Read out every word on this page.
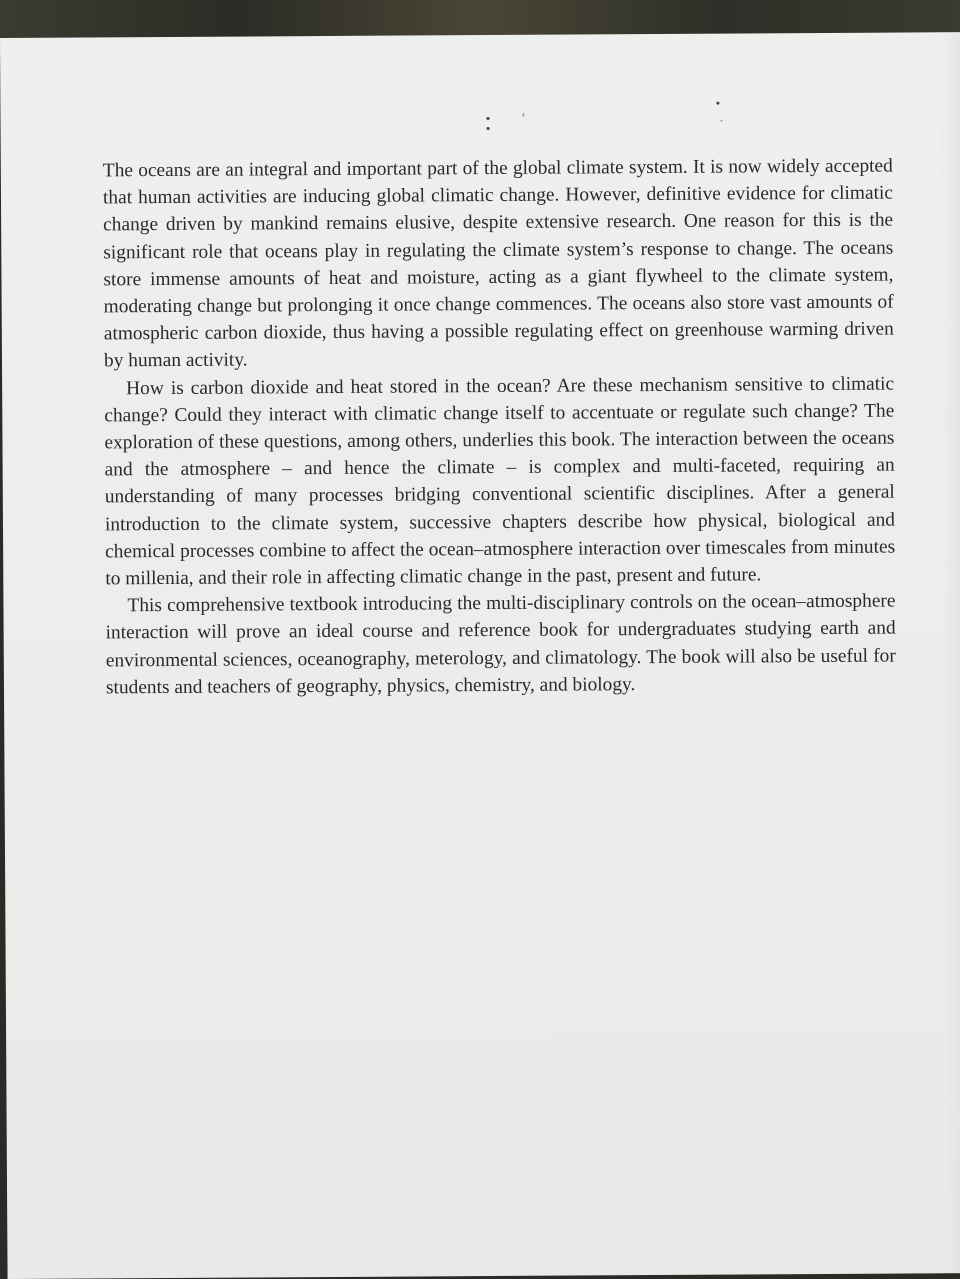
The oceans are an integral and important part of the global climate system. It is now widely accepted that human activities are inducing global climatic change. However, definitive evidence for climatic change driven by mankind remains elusive, despite extensive research. One reason for this is the significant role that oceans play in regulating the climate system’s response to change. The oceans store immense amounts of heat and moisture, acting as a giant flywheel to the climate system, moderating change but prolonging it once change commences. The oceans also store vast amounts of atmospheric carbon dioxide, thus having a possible regulating effect on greenhouse warming driven by human activity.

How is carbon dioxide and heat stored in the ocean? Are these mechanism sensitive to climatic change? Could they interact with climatic change itself to accentuate or regulate such change? The exploration of these questions, among others, underlies this book. The interaction between the oceans and the atmosphere – and hence the climate – is complex and multi-faceted, requiring an understanding of many processes bridging conventional scientific disciplines. After a general introduction to the climate system, successive chapters describe how physical, biological and chemical processes combine to affect the ocean–atmosphere interaction over timescales from minutes to millenia, and their role in affecting climatic change in the past, present and future.

This comprehensive textbook introducing the multi-disciplinary controls on the ocean–atmosphere interaction will prove an ideal course and reference book for undergraduates studying earth and environmental sciences, oceanography, meterology, and climatology. The book will also be useful for students and teachers of geography, physics, chemistry, and biology.
